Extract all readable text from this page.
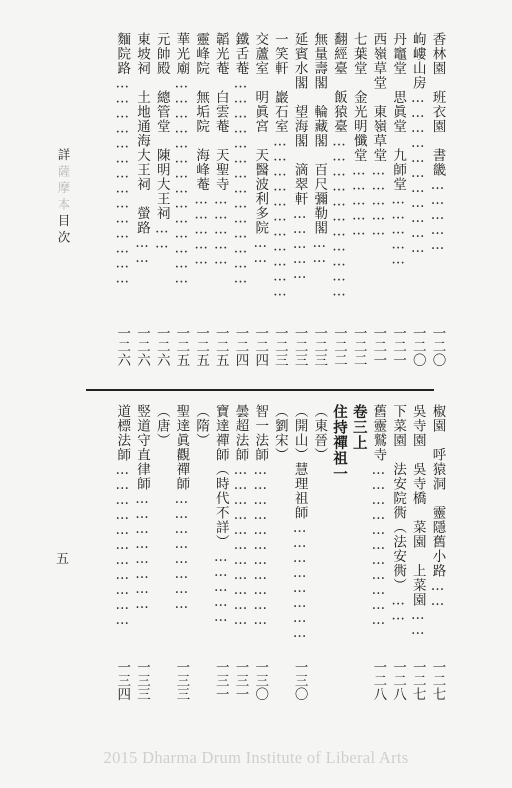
詳薩摩本目次
五
香林園　班衣園　書畿……………
一二〇
岣嶁山房……………………………
一二〇
丹竈堂　思眞堂　九師堂……………
一二一
西嶺草堂　東嶺草堂……………
一二一
七葉堂　金光明懺堂……………
一二二
翻經臺　飯猿臺……………………………
一二二
無量壽閣　輪藏閣　百尺彌勒閣……
一二三
延賓水閣　望海閣　滴翠軒……………
一二三
一笑軒　巖石室……………………………
一二三
交蘆室　明眞宮　天醫波利多院……
一二四
鐵舌菴……………………………………
一二四
韜光菴　白雲菴　天聖寺……………
一二五
靈峰院　無垢院　海峰菴……………
一二五
華光廟……………………………………
一二五
元帥殿　總管堂　陳明大王祠……
一二六
東坡祠　土地通海大王祠　螢路……
一二六
麵院路……………………………………
一二六
椒園　呼猿洞　靈隱舊小路……
一二七
吳寺園　吳寺橋　菜園　上菜園……
一二七
下菜園　法安院衖（法安衖）……
一二八
舊靈鷲寺……………………………
一二八
卷三上
住持禪祖一
（東晉）
（開山）慧理祖師……………………
一三〇
（劉宋）
智一法師……………………………
一三〇
曇超法師……………………………
一三一
寶達禪師（時代不詳）……………
一三一
（隋）
聖達眞觀禪師……………………
一三三
（唐）
竪道守直律師……………………
一三三
道標法師……………………………
一三四
2015 Dharma Drum Institute of Liberal Arts
